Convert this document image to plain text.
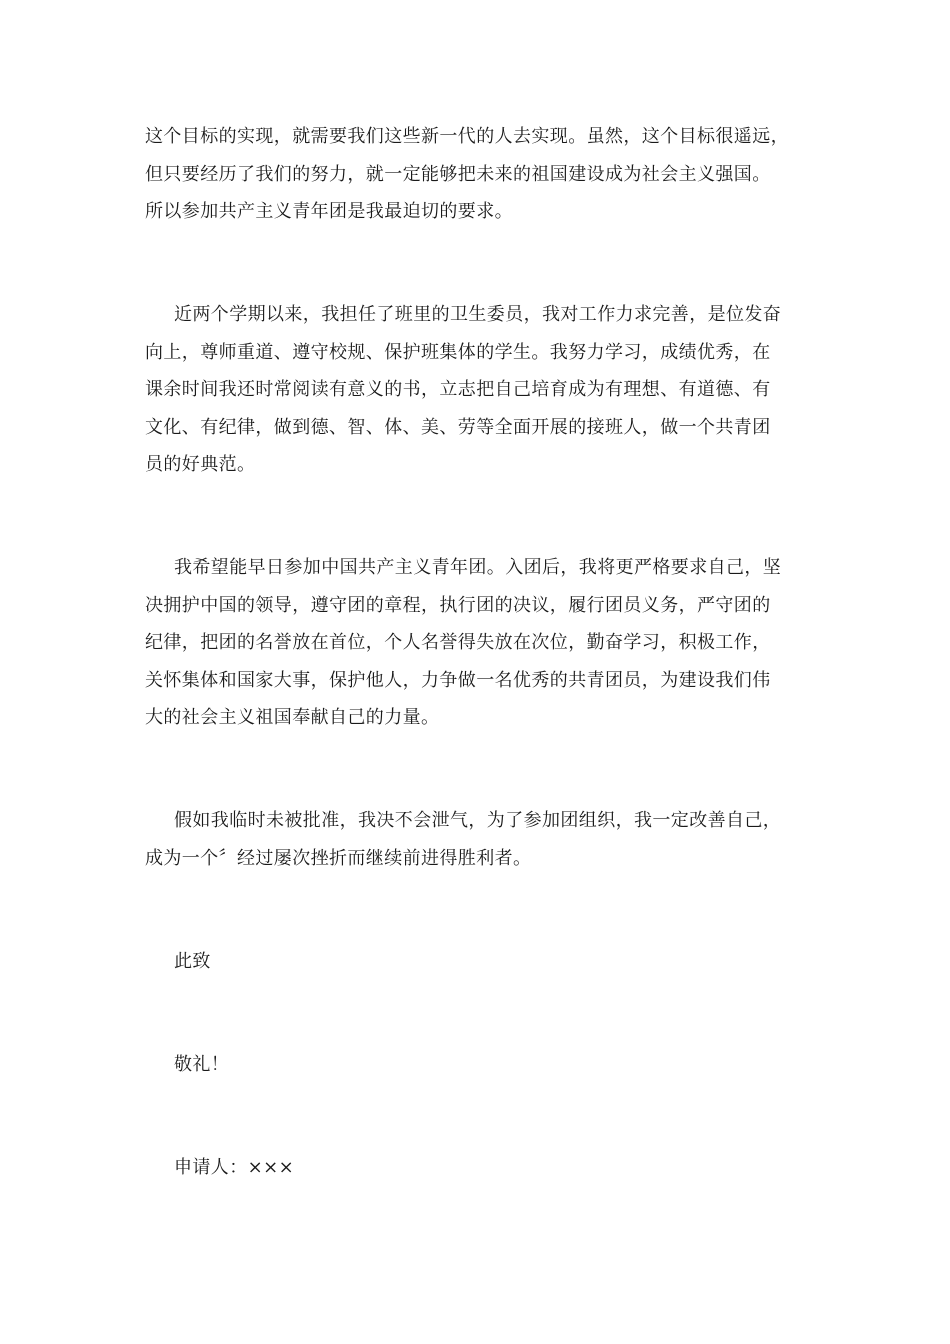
这个目标的实现，就需要我们这些新一代的人去实现。虽然，这个目标很遥远，
但只要经历了我们的努力，就一定能够把未来的祖国建设成为社会主义强国。
所以参加共产主义青年团是我最迫切的要求。

近两个学期以来，我担任了班里的卫生委员，我对工作力求完善，是位发奋
向上，尊师重道、遵守校规、保护班集体的学生。我努力学习，成绩优秀，在
课余时间我还时常阅读有意义的书，立志把自己培育成为有理想、有道德、有
文化、有纪律，做到德、智、体、美、劳等全面开展的接班人，做一个共青团
员的好典范。

我希望能早日参加中国共产主义青年团。入团后，我将更严格要求自己，坚
决拥护中国的领导，遵守团的章程，执行团的决议，履行团员义务，严守团的
纪律，把团的名誉放在首位，个人名誉得失放在次位，勤奋学习，积极工作，
关怀集体和国家大事，保护他人，力争做一名优秀的共青团员，为建设我们伟
大的社会主义祖国奉献自己的力量。

假如我临时未被批准，我决不会泄气，为了参加团组织，我一定改善自己，
成为一个〞经过屡次挫折而继续前进得胜利者。

此致

敬礼！

申请人：×××
